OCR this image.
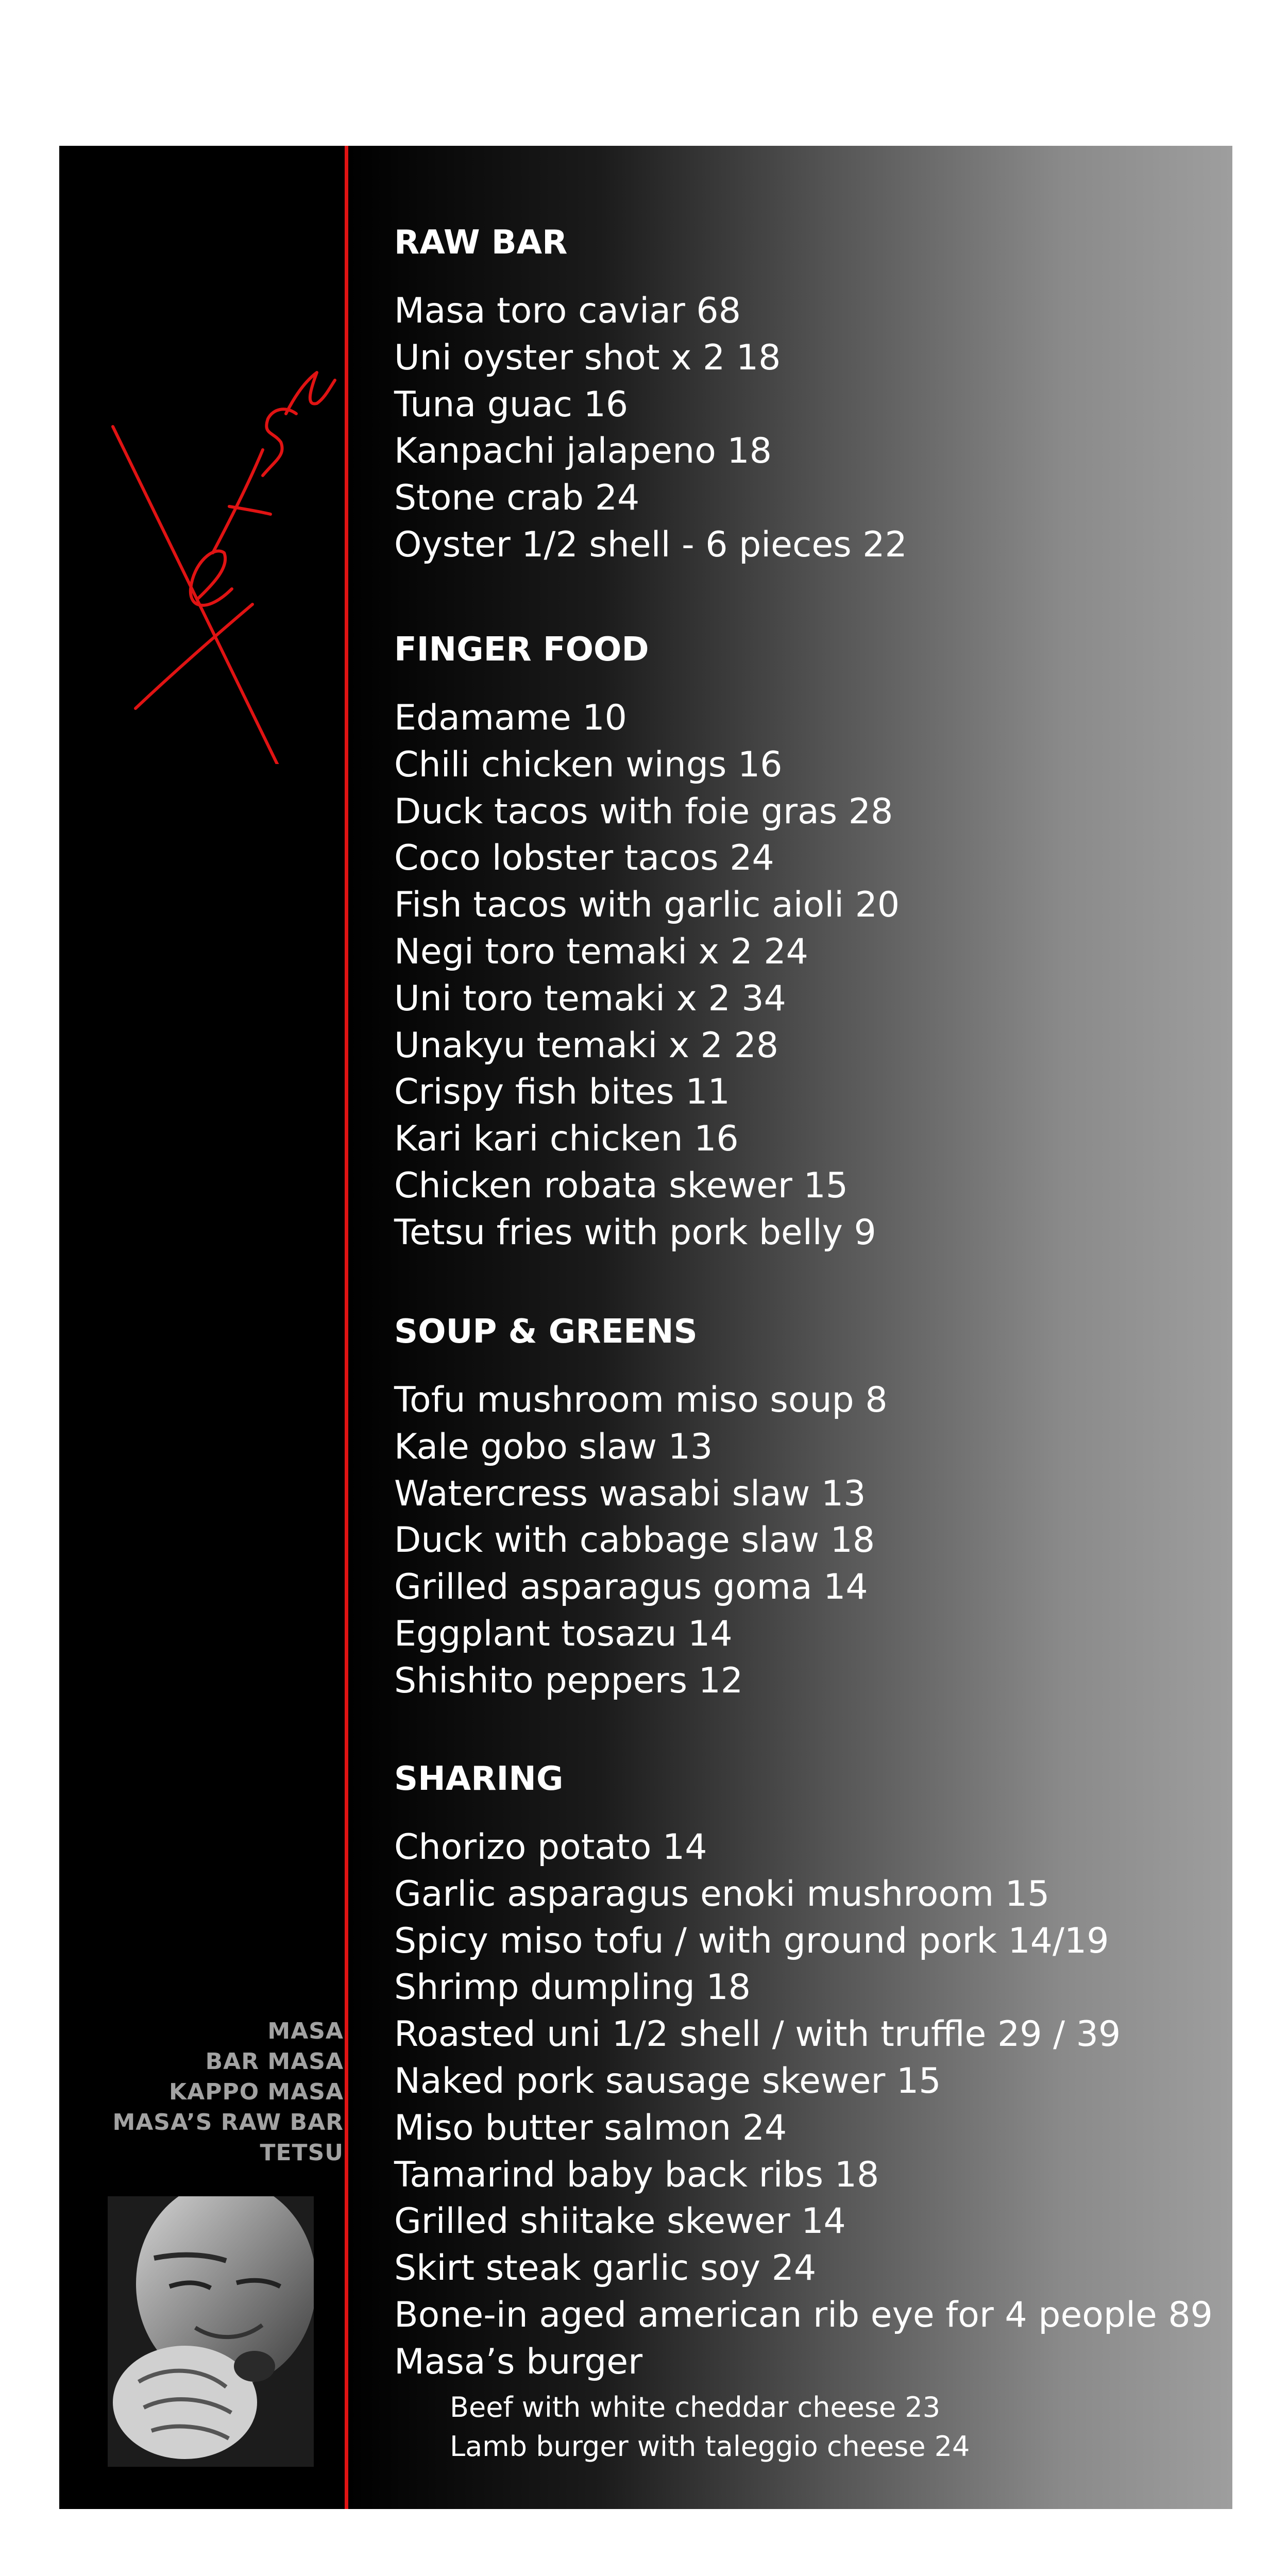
MASA
BAR MASA
KAPPO MASA
MASA’S RAW BAR
TETSU
RAW BAR
Masa toro caviar 68
Uni oyster shot x 2 18
Tuna guac 16
Kanpachi jalapeno 18
Stone crab 24
Oyster 1/2 shell - 6 pieces 22
FINGER FOOD
Edamame 10
Chili chicken wings 16
Duck tacos with foie gras 28
Coco lobster tacos 24
Fish tacos with garlic aioli 20
Negi toro temaki x 2 24
Uni toro temaki x 2 34
Unakyu temaki x 2 28
Crispy fish bites 11
Kari kari chicken 16
Chicken robata skewer 15
Tetsu fries with pork belly 9
SOUP & GREENS
Tofu mushroom miso soup 8
Kale gobo slaw 13
Watercress wasabi slaw 13
Duck with cabbage slaw 18
Grilled asparagus goma 14
Eggplant tosazu 14
Shishito peppers 12
SHARING
Chorizo potato 14
Garlic asparagus enoki mushroom 15
Spicy miso tofu / with ground pork 14/19
Shrimp dumpling 18
Roasted uni 1/2 shell / with truffle 29 / 39
Naked pork sausage skewer 15
Miso butter salmon 24
Tamarind baby back ribs 18
Grilled shiitake skewer 14
Skirt steak garlic soy 24
Bone-in aged american rib eye for 4 people 89
Masa’s burger
Beef with white cheddar cheese 23
Lamb burger with taleggio cheese 24
